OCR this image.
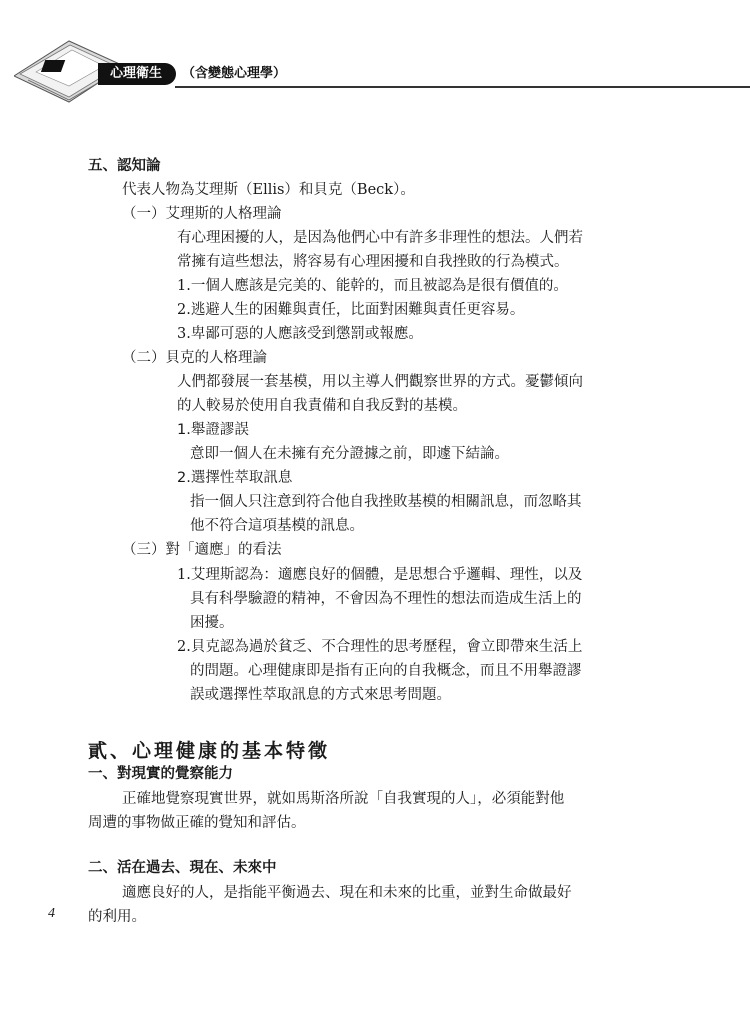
心理衛生	（含變態心理學）
五、認知論
代表人物為艾理斯（Ellis）和貝克（Beck）。
（一）艾理斯的人格理論
有心理困擾的人，是因為他們心中有許多非理性的想法。人們若
常擁有這些想法，將容易有心理困擾和自我挫敗的行為模式。
1.一個人應該是完美的、能幹的，而且被認為是很有價值的。
2.逃避人生的困難與責任，比面對困難與責任更容易。
3.卑鄙可惡的人應該受到懲罰或報應。
（二）貝克的人格理論
人們都發展一套基模，用以主導人們觀察世界的方式。憂鬱傾向
的人較易於使用自我責備和自我反對的基模。
1.舉證謬誤
意即一個人在未擁有充分證據之前，即遽下結論。
2.選擇性萃取訊息
指一個人只注意到符合他自我挫敗基模的相關訊息，而忽略其
他不符合這項基模的訊息。
（三）對「適應」的看法
1.艾理斯認為：適應良好的個體，是思想合乎邏輯、理性，以及
具有科學驗證的精神，不會因為不理性的想法而造成生活上的
困擾。
2.貝克認為過於貧乏、不合理性的思考歷程，會立即帶來生活上
的問題。心理健康即是指有正向的自我概念，而且不用舉證謬
誤或選擇性萃取訊息的方式來思考問題。
貳、心理健康的基本特徵
一、對現實的覺察能力
正確地覺察現實世界，就如馬斯洛所說「自我實現的人」，必須能對他
周遭的事物做正確的覺知和評估。
二、活在過去、現在、未來中
適應良好的人，是指能平衡過去、現在和未來的比重，並對生命做最好
的利用。
4
